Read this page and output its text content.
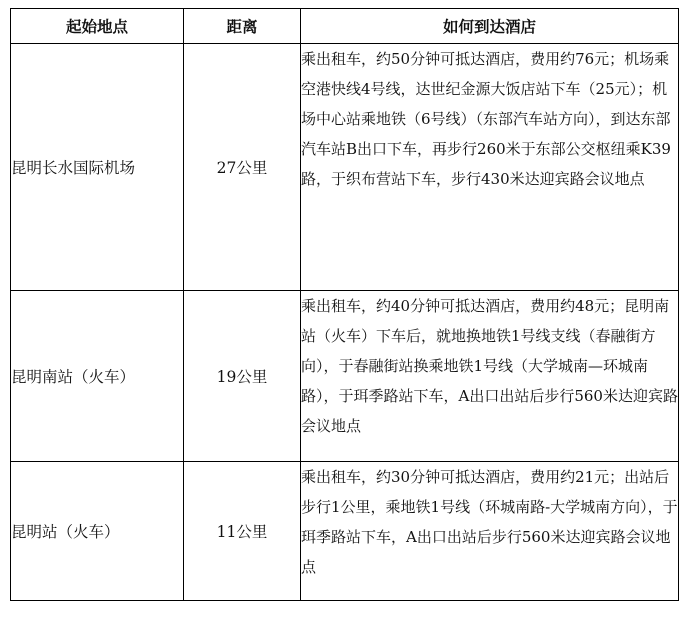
起始地点	距离	如何到达酒店
昆明长水国际机场	27公里	乘出租车，约50分钟可抵达酒店，费用约76元；机场乘空港快线4号线，达世纪金源大饭店站下车（25元）；机场中心站乘地铁（6号线）（东部汽车站方向），到达东部汽车站B出口下车，再步行260米于东部公交枢纽乘K39路，于织布营站下车，步行430米达迎宾路会议地点
昆明南站（火车）	19公里	乘出租车，约40分钟可抵达酒店，费用约48元；昆明南站（火车）下车后，就地换地铁1号线支线（春融街方向），于春融街站换乘地铁1号线（大学城南—环城南路），于珥季路站下车，A出口出站后步行560米达迎宾路会议地点
昆明站（火车）	11公里	乘出租车，约30分钟可抵达酒店，费用约21元；出站后步行1公里，乘地铁1号线（环城南路-大学城南方向），于珥季路站下车，A出口出站后步行560米达迎宾路会议地点
